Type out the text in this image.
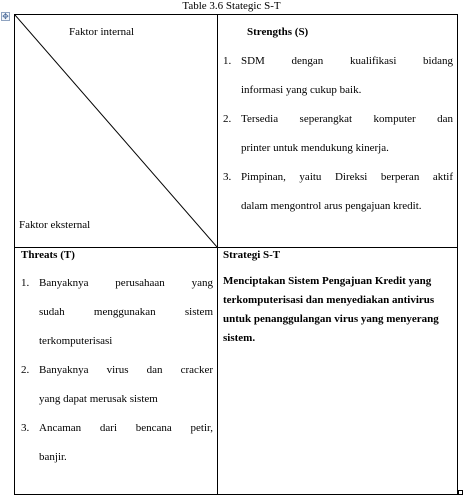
Table 3.6 Stategic S-T
✥
Faktor internal
Faktor eksternal
Strengths (S)
1. SDM dengan kualifikasi bidang
informasi yang cukup baik.
2. Tersedia seperangkat komputer dan
printer untuk mendukung kinerja.
3. Pimpinan, yaitu Direksi berperan aktif
dalam mengontrol arus pengajuan kredit.
Threats (T)
1. Banyaknya perusahaan yang
sudah menggunakan sistem
terkomputerisasi
2. Banyaknya virus dan cracker
yang dapat merusak sistem
3. Ancaman dari bencana petir,
banjir.
Strategi S-T
Menciptakan Sistem Pengajuan Kredit yang terkomputerisasi dan menyediakan antivirus untuk penanggulangan virus yang menyerang sistem.
